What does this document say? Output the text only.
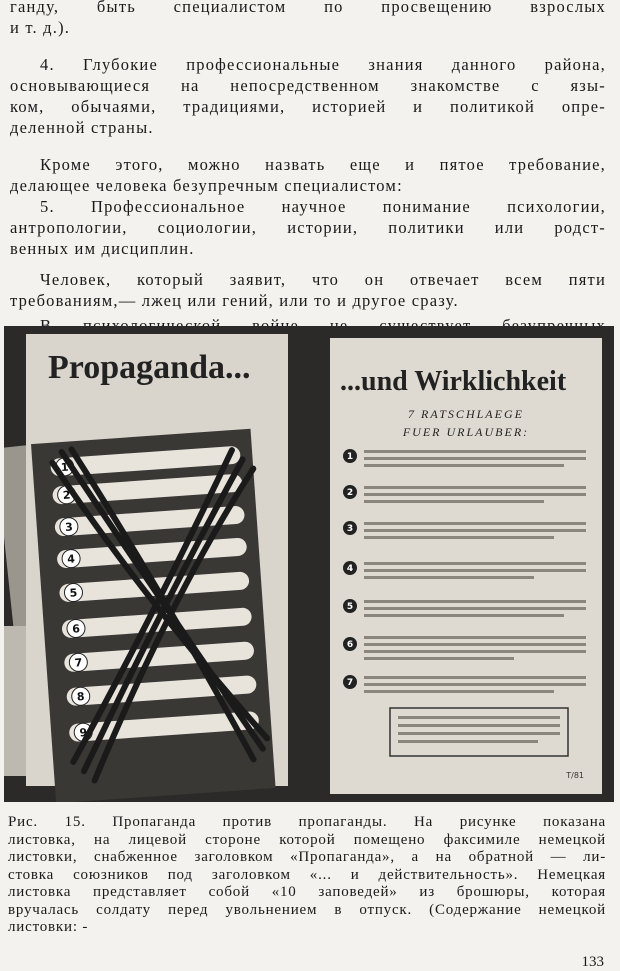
ганду, быть специалистом по просвещению взрослых

и т. д.).

4. Глубокие профессиональные знания данного района,

основывающиеся на непосредственном знакомстве с язы-

ком, обычаями, традициями, историей и политикой опре-

деленной страны.

Кроме этого, можно назвать еще и пятое требование,

делающее человека безупречным специалистом:

5. Профессиональное научное понимание психологии,

антропологии, социологии, истории, политики или родст-

венных им дисциплин.

Человек, который заявит, что он отвечает всем пяти

требованиям,— лжец или гений, или то и другое сразу.

Propaganda...
1
2
3
4
5
6
7
8
9
...und Wirklichkeit
7 RATSCHLAEGE
FUER URLAUBER:
1
2
3
4
5
6
7
T/81

Рис. 15. Пропаганда против пропаганды. На рисунке показана

листовка, на лицевой стороне которой помещено факсимиле немецкой

листовки, снабженное заголовком «Пропаганда», а на обратной — ли-

стовка союзников под заголовком «... и действительность». Немецкая

листовка представляет собой «10 заповедей» из брошюры, которая

вручалась солдату перед увольнением в отпуск. (Содержание немецкой

листовки: -

133
